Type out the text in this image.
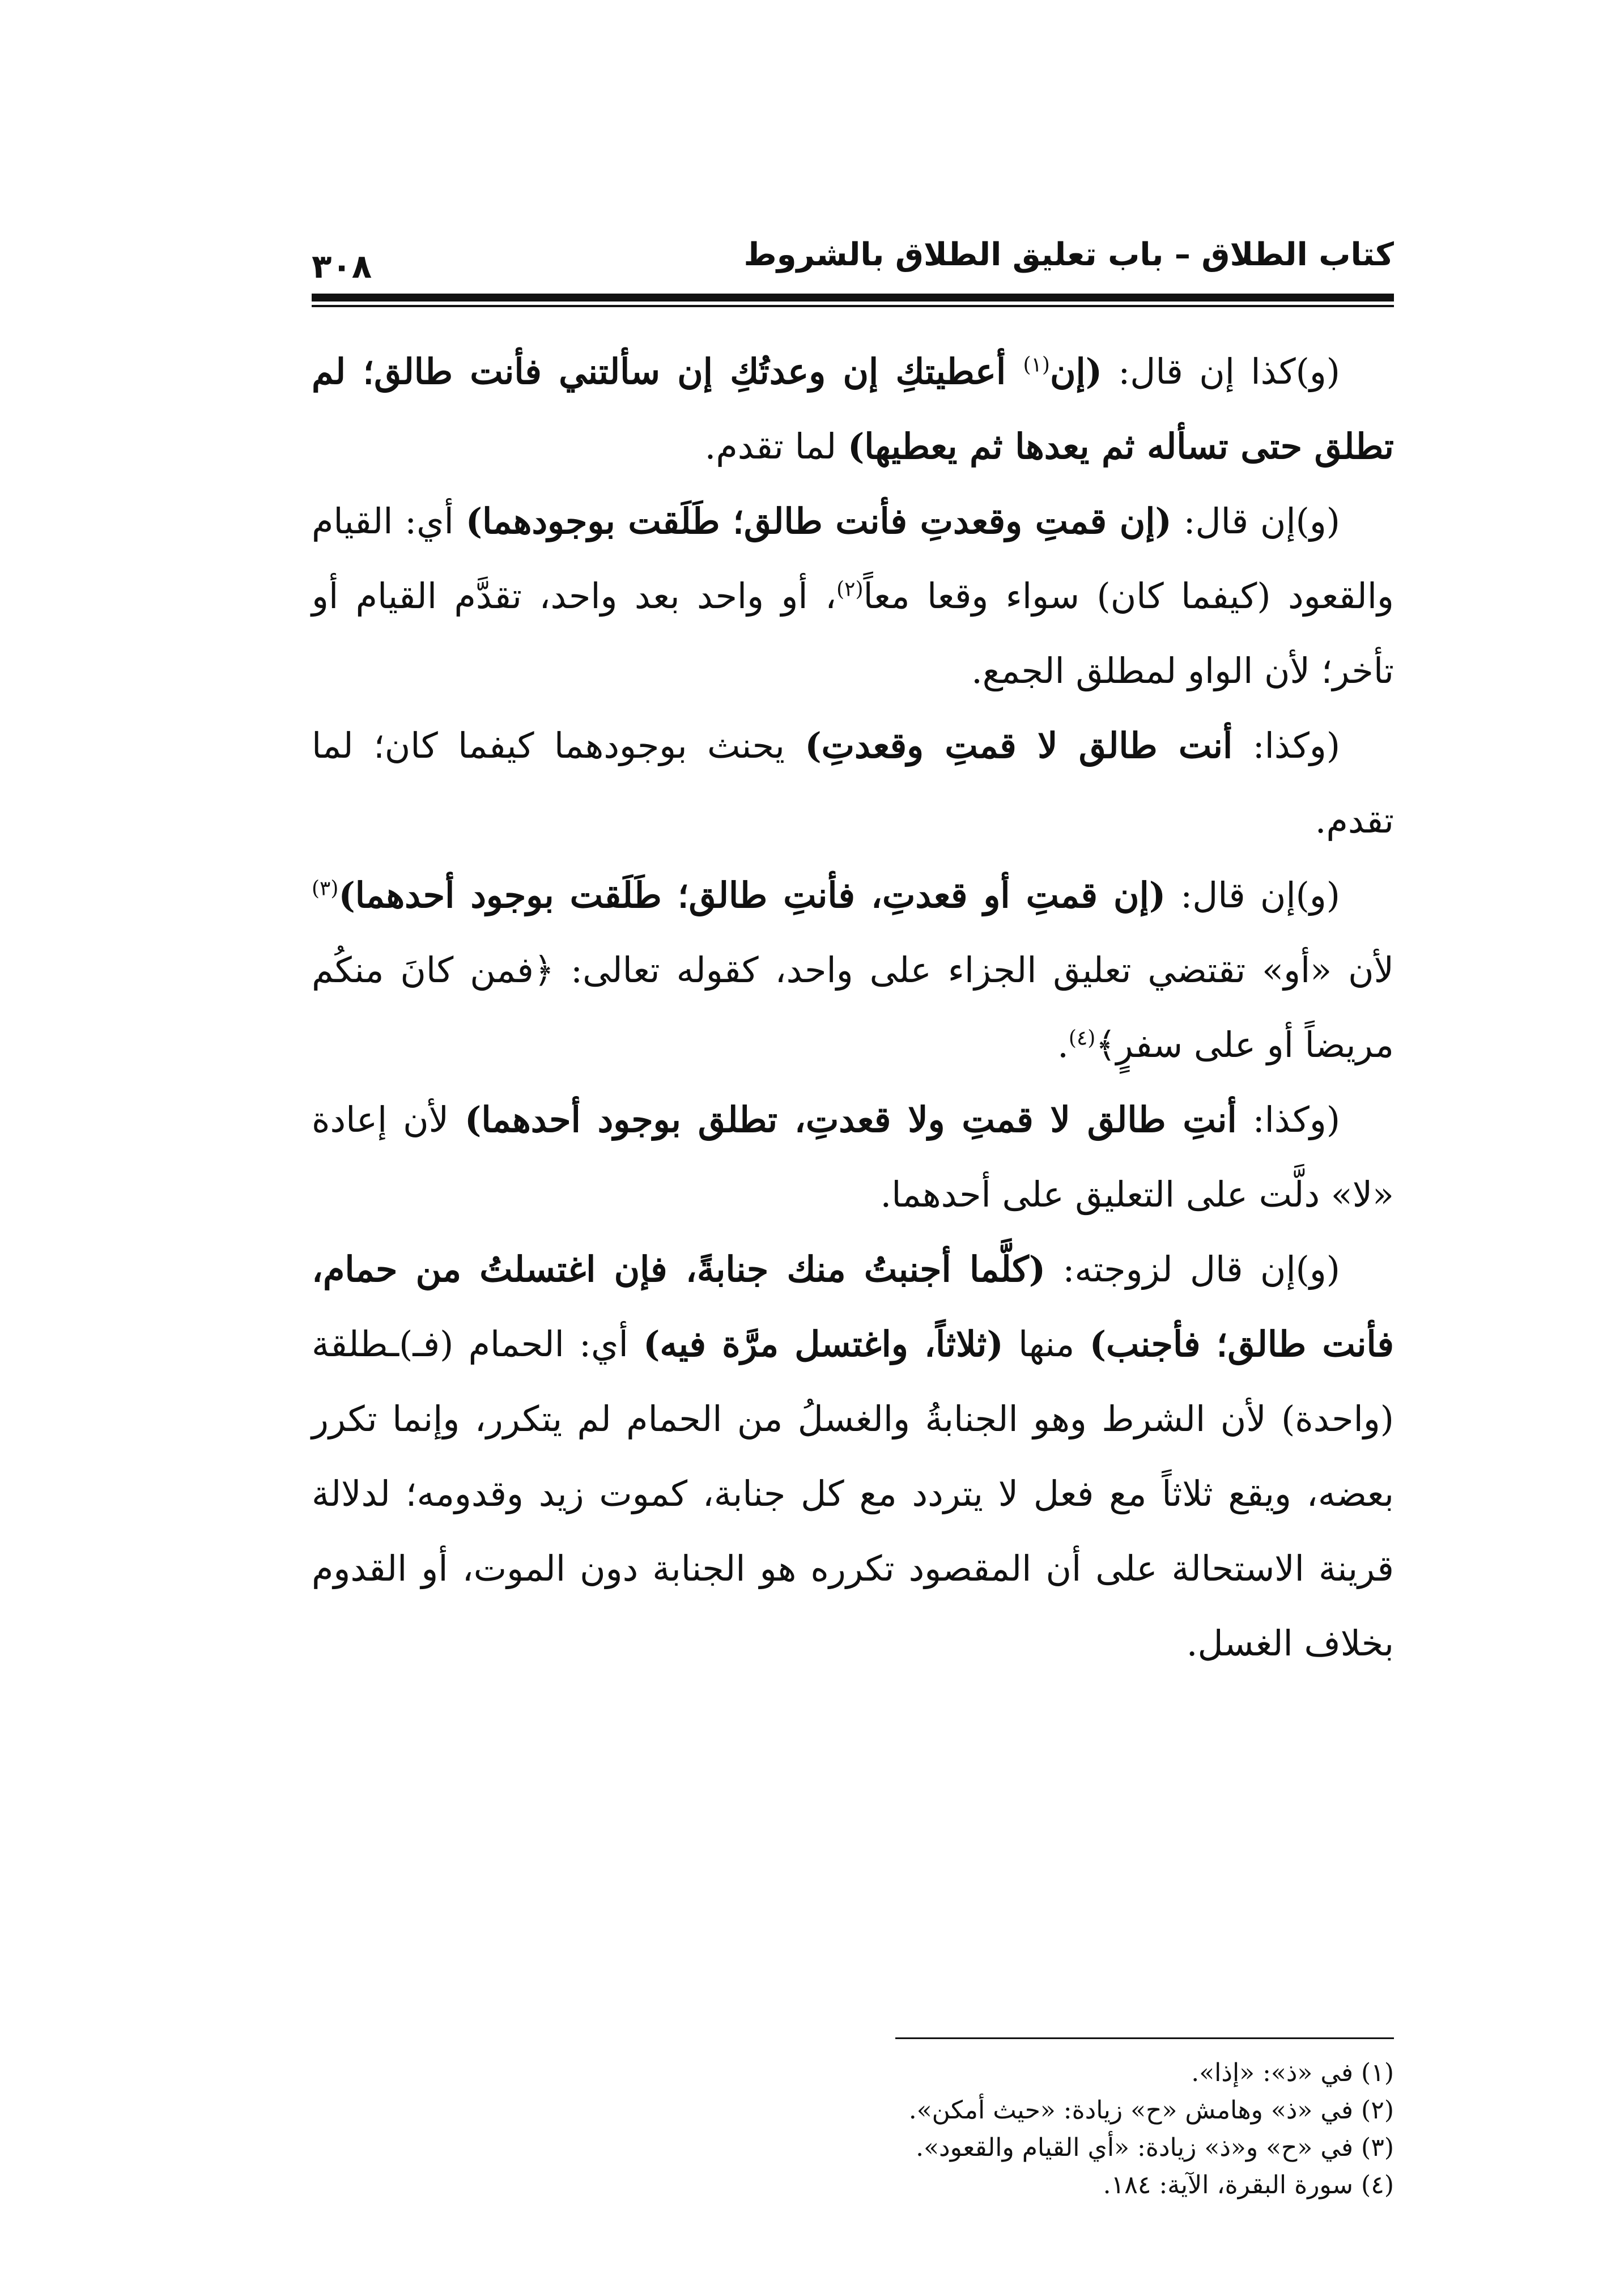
كتاب الطلاق – باب تعليق الطلاق بالشروط
٣٠٨

(و)كذا إن قال: (إن$^{(١)}$ أعطيتكِ إن وعدتُكِ إن سألتني فأنت طالق؛ لم تطلق حتى تسأله ثم يعدها ثم يعطيها) لما تقدم.

(و)إن قال: (إن قمتِ وقعدتِ فأنت طالق؛ طَلَقت بوجودهما) أي: القيام والقعود (كيفما كان) سواء وقعا معاً$^{(٢)}$، أو واحد بعد واحد، تقدَّم القيام أو تأخر؛ لأن الواو لمطلق الجمع.

(وكذا: أنت طالق لا قمتِ وقعدتِ) يحنث بوجودهما كيفما كان؛ لما تقدم.

(و)إن قال: (إن قمتِ أو قعدتِ، فأنتِ طالق؛ طَلَقت بوجود أحدهما)$^{(٣)}$ لأن «أو» تقتضي تعليق الجزاء على واحد، كقوله تعالى: ﴿فمن كانَ منكُم مريضاً أو على سفرٍ﴾$^{(٤)}$.

(وكذا: أنتِ طالق لا قمتِ ولا قعدتِ، تطلق بوجود أحدهما) لأن إعادة «لا» دلَّت على التعليق على أحدهما.

(و)إن قال لزوجته: (كلَّما أجنبتُ منك جنابةً، فإن اغتسلتُ من حمام، فأنت طالق؛ فأجنب) منها (ثلاثاً، واغتسل مرَّة فيه) أي: الحمام (فـ)ـطلقة (واحدة) لأن الشرط وهو الجنابةُ والغسلُ من الحمام لم يتكرر، وإنما تكرر بعضه، ويقع ثلاثاً مع فعل لا يتردد مع كل جنابة، كموت زيد وقدومه؛ لدلالة قرينة الاستحالة على أن المقصود تكرره هو الجنابة دون الموت، أو القدوم بخلاف الغسل.

(١) في «ذ»: «إذا».

(٢) في «ذ» وهامش «ح» زيادة: «حيث أمكن».

(٣) في «ح» و«ذ» زيادة: «أي القيام والقعود».

(٤) سورة البقرة، الآية: ١٨٤.
